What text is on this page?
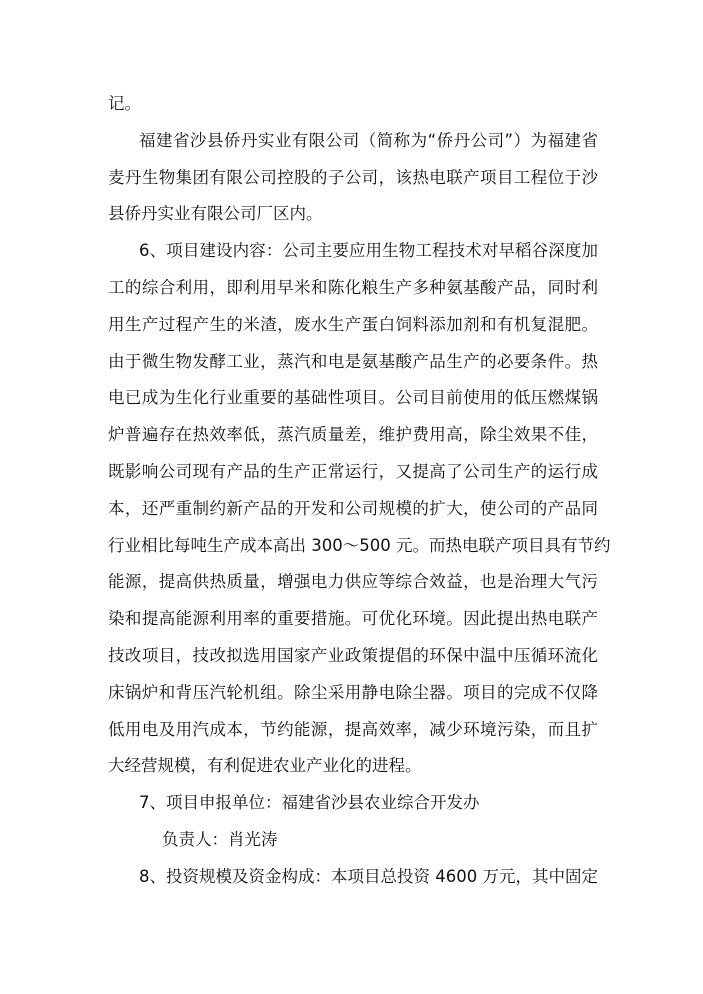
记。
福建省沙县侨丹实业有限公司（简称为“侨丹公司”）为福建省
麦丹生物集团有限公司控股的子公司，该热电联产项目工程位于沙
县侨丹实业有限公司厂区内。
6、项目建设内容：公司主要应用生物工程技术对早稻谷深度加
工的综合利用，即利用早米和陈化粮生产多种氨基酸产品，同时利
用生产过程产生的米渣，废水生产蛋白饲料添加剂和有机复混肥。
由于微生物发酵工业，蒸汽和电是氨基酸产品生产的必要条件。热
电已成为生化行业重要的基础性项目。公司目前使用的低压燃煤锅
炉普遍存在热效率低，蒸汽质量差，维护费用高，除尘效果不佳，
既影响公司现有产品的生产正常运行，又提高了公司生产的运行成
本，还严重制约新产品的开发和公司规模的扩大，使公司的产品同
行业相比每吨生产成本高出 300～500 元。而热电联产项目具有节约
能源，提高供热质量，增强电力供应等综合效益，也是治理大气污
染和提高能源利用率的重要措施。可优化环境。因此提出热电联产
技改项目，技改拟选用国家产业政策提倡的环保中温中压循环流化
床锅炉和背压汽轮机组。除尘采用静电除尘器。项目的完成不仅降
低用电及用汽成本，节约能源，提高效率，减少环境污染，而且扩
大经营规模，有利促进农业产业化的进程。
7、项目申报单位：福建省沙县农业综合开发办
负责人：肖光涛
8、投资规模及资金构成：本项目总投资 4600 万元，其中固定
